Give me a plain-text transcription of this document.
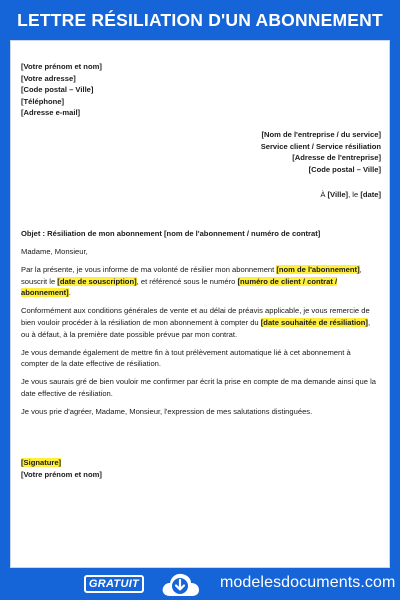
LETTRE RÉSILIATION D'UN ABONNEMENT
[Votre prénom et nom]
[Votre adresse]
[Code postal – Ville]
[Téléphone]
[Adresse e-mail]
[Nom de l'entreprise / du service]
Service client / Service résiliation
[Adresse de l'entreprise]
[Code postal – Ville]
À [Ville], le [date]

Objet : Résiliation de mon abonnement [nom de l'abonnement / numéro de contrat]

Madame, Monsieur,

Par la présente, je vous informe de ma volonté de résilier mon abonnement [nom de l'abonnement], souscrit le [date de souscription], et référencé sous le numéro [numéro de client / contrat / abonnement].

Conformément aux conditions générales de vente et au délai de préavis applicable, je vous remercie de bien vouloir procéder à la résiliation de mon abonnement à compter du [date souhaitée de résiliation], ou à défaut, à la première date possible prévue par mon contrat.

Je vous demande également de mettre fin à tout prélèvement automatique lié à cet abonnement à compter de la date effective de résiliation.

Je vous saurais gré de bien vouloir me confirmer par écrit la prise en compte de ma demande ainsi que la date effective de résiliation.

Je vous prie d'agréer, Madame, Monsieur, l'expression de mes salutations distinguées.

[Signature]
[Votre prénom et nom]
GRATUIT	modelesdocuments.com
